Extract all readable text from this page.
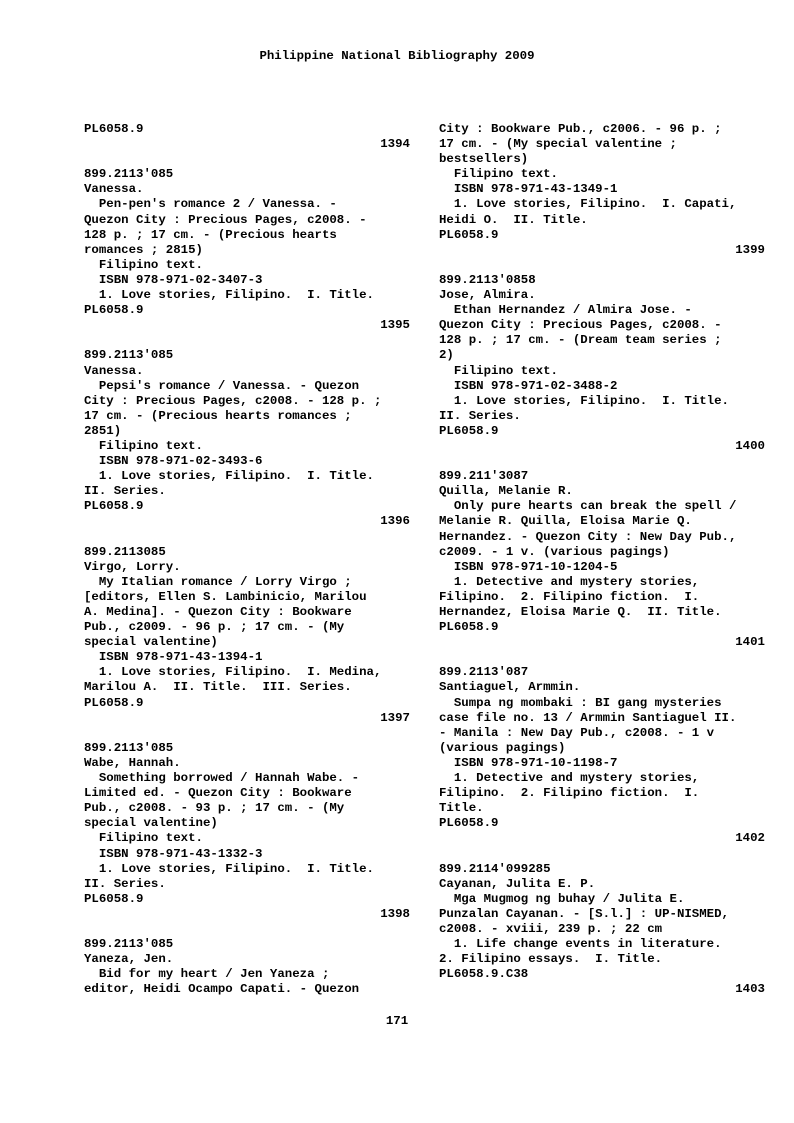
Philippine National Bibliography 2009
PL6058.9
1394
899.2113'085
Vanessa.
Pen-pen's romance 2 / Vanessa. -
Quezon City : Precious Pages, c2008. -
128 p. ; 17 cm. - (Precious hearts
romances ; 2815)
Filipino text.
ISBN 978-971-02-3407-3
1. Love stories, Filipino.  I. Title.
PL6058.9
1395
899.2113'085
Vanessa.
Pepsi's romance / Vanessa. - Quezon
City : Precious Pages, c2008. - 128 p. ;
17 cm. - (Precious hearts romances ;
2851)
Filipino text.
ISBN 978-971-02-3493-6
1. Love stories, Filipino.  I. Title.
II. Series.
PL6058.9
1396
899.2113085
Virgo, Lorry.
My Italian romance / Lorry Virgo ;
[editors, Ellen S. Lambinicio, Marilou
A. Medina]. - Quezon City : Bookware
Pub., c2009. - 96 p. ; 17 cm. - (My
special valentine)
ISBN 978-971-43-1394-1
1. Love stories, Filipino.  I. Medina,
Marilou A.  II. Title.  III. Series.
PL6058.9
1397
899.2113'085
Wabe, Hannah.
Something borrowed / Hannah Wabe. -
Limited ed. - Quezon City : Bookware
Pub., c2008. - 93 p. ; 17 cm. - (My
special valentine)
Filipino text.
ISBN 978-971-43-1332-3
1. Love stories, Filipino.  I. Title.
II. Series.
PL6058.9
1398
899.2113'085
Yaneza, Jen.
Bid for my heart / Jen Yaneza ;
editor, Heidi Ocampo Capati. - Quezon
City : Bookware Pub., c2006. - 96 p. ;
17 cm. - (My special valentine ;
bestsellers)
Filipino text.
ISBN 978-971-43-1349-1
1. Love stories, Filipino.  I. Capati,
Heidi O.  II. Title.
PL6058.9
1399
899.2113'0858
Jose, Almira.
Ethan Hernandez / Almira Jose. -
Quezon City : Precious Pages, c2008. -
128 p. ; 17 cm. - (Dream team series ;
2)
Filipino text.
ISBN 978-971-02-3488-2
1. Love stories, Filipino.  I. Title.
II. Series.
PL6058.9
1400
899.211'3087
Quilla, Melanie R.
Only pure hearts can break the spell /
Melanie R. Quilla, Eloisa Marie Q.
Hernandez. - Quezon City : New Day Pub.,
c2009. - 1 v. (various pagings)
ISBN 978-971-10-1204-5
1. Detective and mystery stories,
Filipino.  2. Filipino fiction.  I.
Hernandez, Eloisa Marie Q.  II. Title.
PL6058.9
1401
899.2113'087
Santiaguel, Armmin.
Sumpa ng mombaki : BI gang mysteries
case file no. 13 / Armmin Santiaguel II.
- Manila : New Day Pub., c2008. - 1 v
(various pagings)
ISBN 978-971-10-1198-7
1. Detective and mystery stories,
Filipino.  2. Filipino fiction.  I.
Title.
PL6058.9
1402
899.2114'099285
Cayanan, Julita E. P.
Mga Mugmog ng buhay / Julita E.
Punzalan Cayanan. - [S.l.] : UP-NISMED,
c2008. - xviii, 239 p. ; 22 cm
1. Life change events in literature.
2. Filipino essays.  I. Title.
PL6058.9.C38
1403
171
